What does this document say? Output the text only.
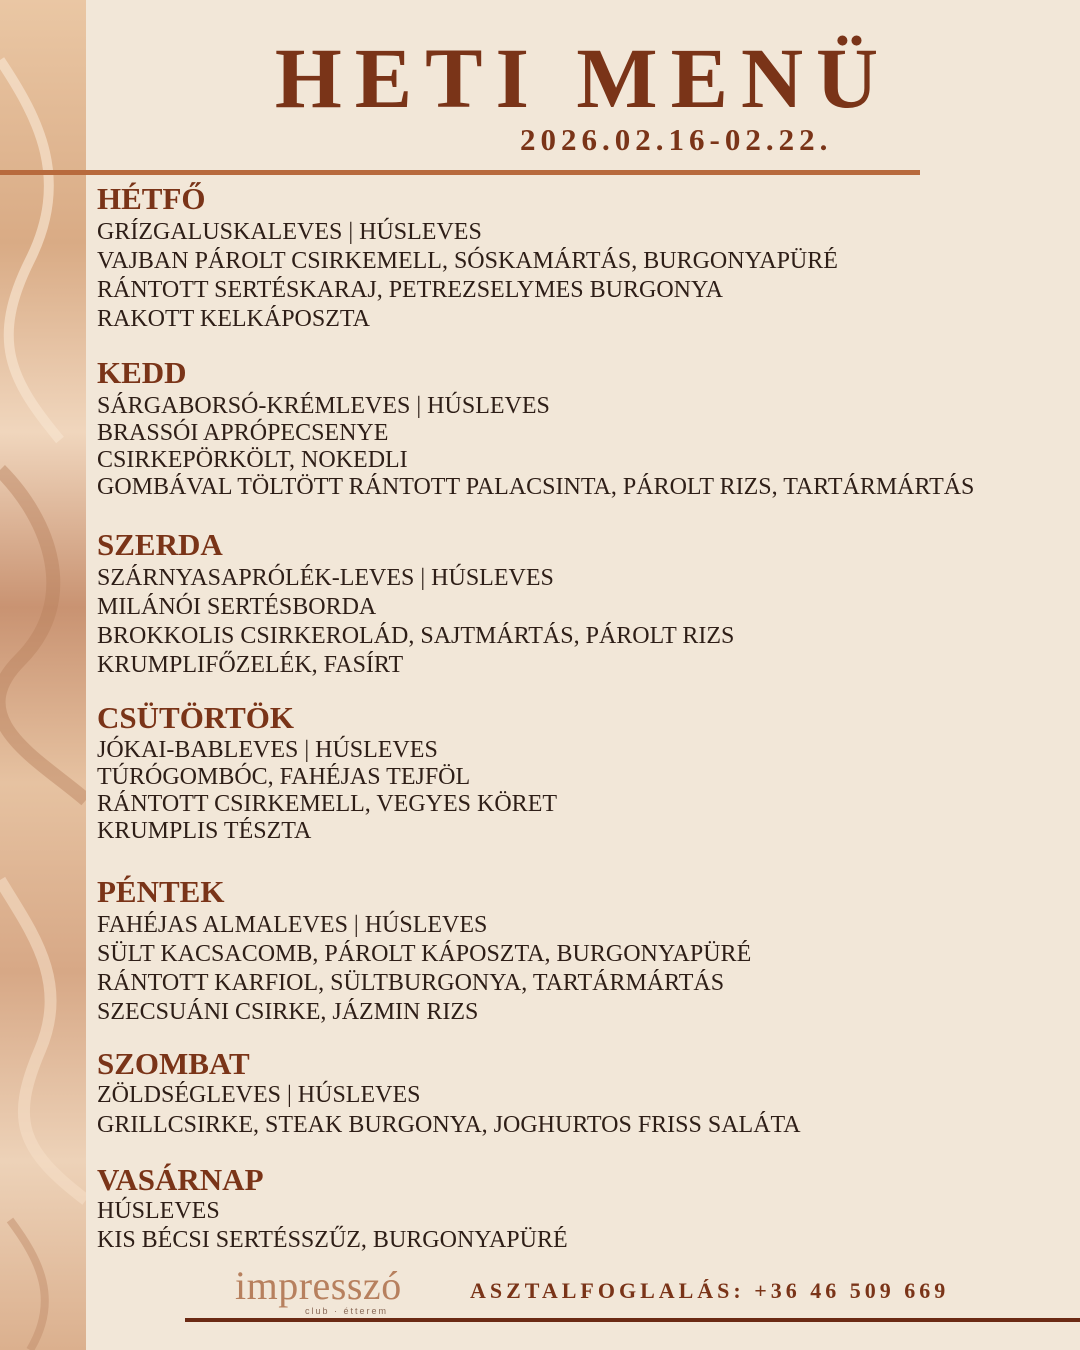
HETI MENÜ
2026.02.16-02.22.
HÉTFŐ
GRÍZGALUSKALEVES | HÚSLEVES
VAJBAN PÁROLT CSIRKEMELL, SÓSKAMÁRTÁS, BURGONYAPÜRÉ
RÁNTOTT SERTÉSKARAJ, PETREZSELYMES BURGONYA
RAKOTT KELKÁPOSZTA
KEDD
SÁRGABORSÓ-KRÉMLEVES | HÚSLEVES
BRASSÓI APRÓPECSENYE
CSIRKEPÖRKÖLT, NOKEDLI
GOMBÁVAL TÖLTÖTT RÁNTOTT PALACSINTA, PÁROLT RIZS, TARTÁRMÁRTÁS
SZERDA
SZÁRNYASAPRÓLÉK-LEVES | HÚSLEVES
MILÁNÓI SERTÉSBORDA
BROKKOLIS CSIRKEROLÁD, SAJTMÁRTÁS, PÁROLT RIZS
KRUMPLIFŐZELÉK, FASÍRT
CSÜTÖRTÖK
JÓKAI-BABLEVES | HÚSLEVES
TÚRÓGOMBÓC, FAHÉJAS TEJFÖL
RÁNTOTT CSIRKEMELL, VEGYES KÖRET
KRUMPLIS TÉSZTA
PÉNTEK
FAHÉJAS ALMALEVES | HÚSLEVES
SÜLT KACSACOMB, PÁROLT KÁPOSZTA, BURGONYAPÜRÉ
RÁNTOTT KARFIOL, SÜLTBURGONYA, TARTÁRMÁRTÁS
SZECSUÁNI CSIRKE, JÁZMIN RIZS
SZOMBAT
ZÖLDSÉGLEVES | HÚSLEVES
GRILLCSIRKE, STEAK BURGONYA, JOGHURTOS FRISS SALÁTA
VASÁRNAP
HÚSLEVES
KIS BÉCSI SERTÉSSZŰZ, BURGONYAPÜRÉ
impresszó
club · étterem
ASZTALFOGLALÁS: +36 46 509 669
